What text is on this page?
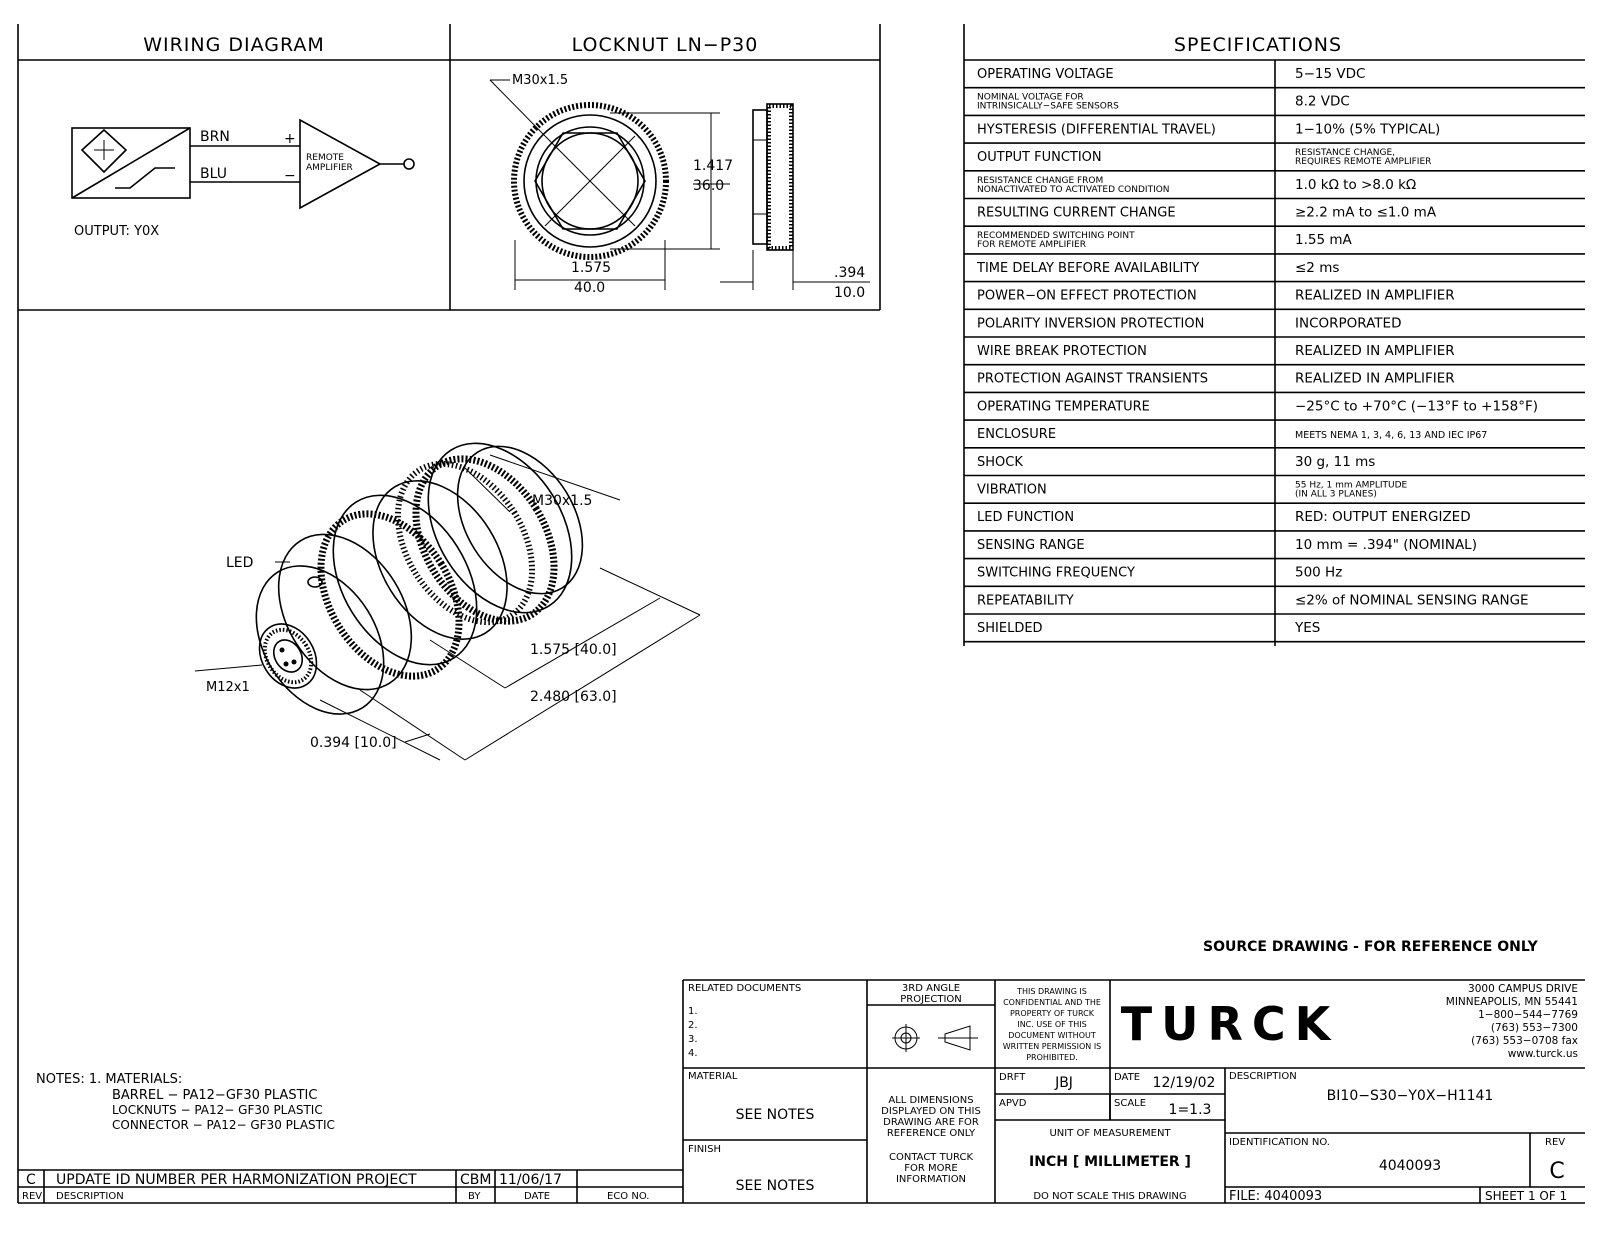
WIRING DIAGRAM	LOCKNUT LN−P30
BRN
BLU
+
−
REMOTE
AMPLIFIER
OUTPUT: Y0X
M30x1.5
1.417
36.0
1.575
40.0
.394
10.0
OPERATING VOLTAGE	5−15 VDC
NOMINAL VOLTAGE FOR
INTRINSICALLY−SAFE SENSORS	8.2 VDC
HYSTERESIS (DIFFERENTIAL TRAVEL)	1−10% (5% TYPICAL)
OUTPUT FUNCTION	RESISTANCE CHANGE,
REQUIRES REMOTE AMPLIFIER
RESISTANCE CHANGE FROM
NONACTIVATED TO ACTIVATED CONDITION	1.0 kΩ to >8.0 kΩ
RESULTING CURRENT CHANGE	≥2.2 mA to ≤1.0 mA
RECOMMENDED SWITCHING POINT
FOR REMOTE AMPLIFIER	1.55 mA
TIME DELAY BEFORE AVAILABILITY	≤2 ms
POWER−ON EFFECT PROTECTION	REALIZED IN AMPLIFIER
POLARITY INVERSION PROTECTION	INCORPORATED
WIRE BREAK PROTECTION	REALIZED IN AMPLIFIER
PROTECTION AGAINST TRANSIENTS	REALIZED IN AMPLIFIER
OPERATING TEMPERATURE	−25°C to +70°C (−13°F to +158°F)
ENCLOSURE	MEETS NEMA 1, 3, 4, 6, 13 AND IEC IP67
SHOCK	30 g, 11 ms
VIBRATION	55 Hz, 1 mm AMPLITUDE
(IN ALL 3 PLANES)
LED FUNCTION	RED: OUTPUT ENERGIZED
SENSING RANGE	10 mm = .394" (NOMINAL)
SWITCHING FREQUENCY	500 Hz
REPEATABILITY	≤2% of NOMINAL SENSING RANGE
SHIELDED	YES
SPECIFICATIONS
M30x1.5
LED
1.575 [40.0]
2.480 [63.0]
M12x1
0.394 [10.0]
SOURCE DRAWING - FOR REFERENCE ONLY
NOTES: 1. MATERIALS:
BARREL − PA12−GF30 PLASTIC
LOCKNUTS − PA12− GF30 PLASTIC
CONNECTOR − PA12− GF30 PLASTIC
C UPDATE ID NUMBER PER HARMONIZATION PROJECT	CBM 11/06/17
REV DESCRIPTION	BY	DATE	ECO NO.
RELATED DOCUMENTS
1.
2.
3.
4.
3RD ANGLE
PROJECTION
THIS DRAWING IS
CONFIDENTIAL AND THE
PROPERTY OF TURCK
INC. USE OF THIS
DOCUMENT WITHOUT
WRITTEN PERMISSION IS
PROHIBITED.
TURCK
3000 CAMPUS DRIVE
MINNEAPOLIS, MN 55441
1−800−544−7769
(763) 553−7300
(763) 553−0708 fax
www.turck.us
MATERIAL
SEE NOTES
FINISH
SEE NOTES
ALL DIMENSIONS
DISPLAYED ON THIS
DRAWING ARE FOR
REFERENCE ONLY
CONTACT TURCK
FOR MORE
INFORMATION
DRFT JBJ	DATE 12/19/02
APVD	SCALE 1=1.3
UNIT OF MEASUREMENT
INCH [ MILLIMETER ]
DO NOT SCALE THIS DRAWING
DESCRIPTION
BI10−S30−Y0X−H1141
IDENTIFICATION NO.
4040093
REV
C
FILE: 4040093	SHEET 1 OF 1
